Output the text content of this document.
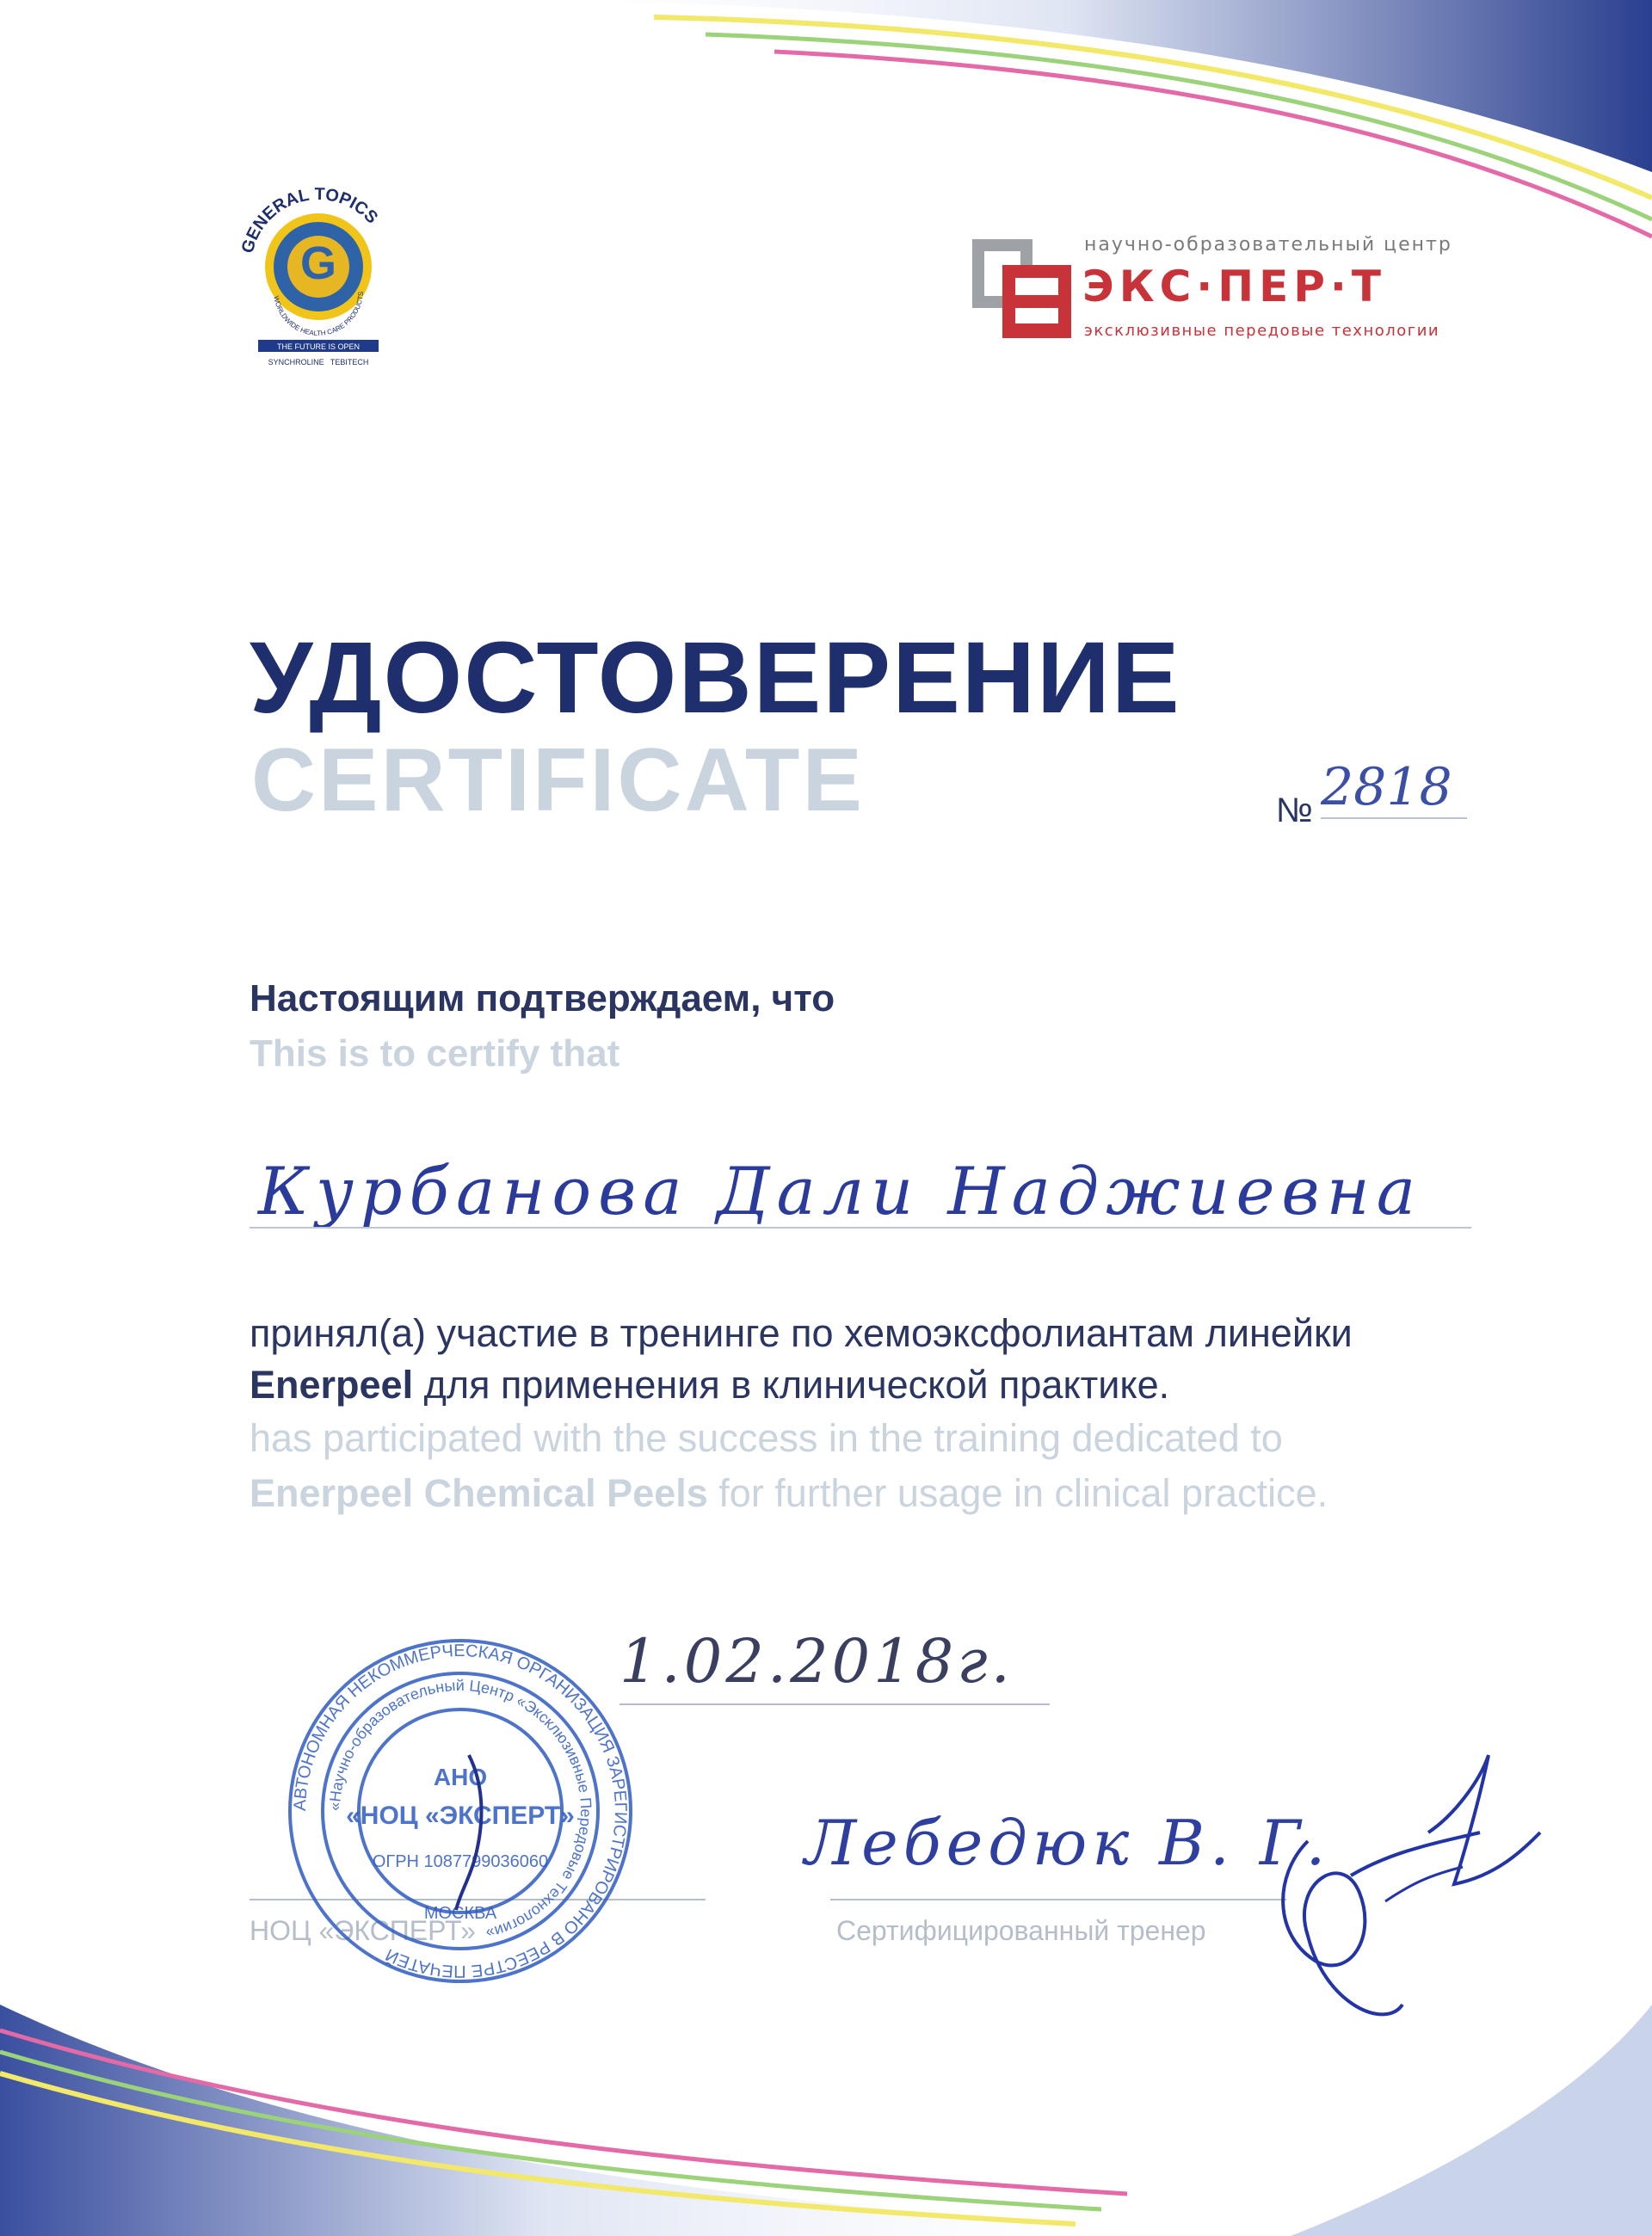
G
GENERAL TOPICS
WORLDWIDE HEALTH CARE PRODUCTS
THE FUTURE IS OPEN
SYNCHROLINE   TEBITECH
научно-образовательный центр
ЭКС·ПЕР·Т
эксклюзивные передовые технологии
УДОСТОВЕРЕНИЕ
CERTIFICATE	№ 2818
Настоящим подтверждаем, что
This is to certify that
Курбанова Дали Наджиевна
принял(а) участие в тренинге по хемоэксфолиантам линейки
Enerpeel для применения в клинической практике.
has participated with the success in the training dedicated to
Enerpeel Chemical Peels for further usage in clinical practice.
1.02.2018г.
НОЦ «ЭКСПЕРТ»	Сертифицированный тренер
Лебедюк В. Г.
АВТОНОМНАЯ НЕКОММЕРЧЕСКАЯ ОРГАНИЗАЦИЯ ЗАРЕГИСТРИРОВАНО В РЕЕСТРЕ ПЕЧАТЕЙ
«Научно-образовательный Центр «Эксклюзивные Передовые Технологии»
АНО
«НОЦ «ЭКСПЕРТ»
ОГРН 1087799036060
МОСКВА
